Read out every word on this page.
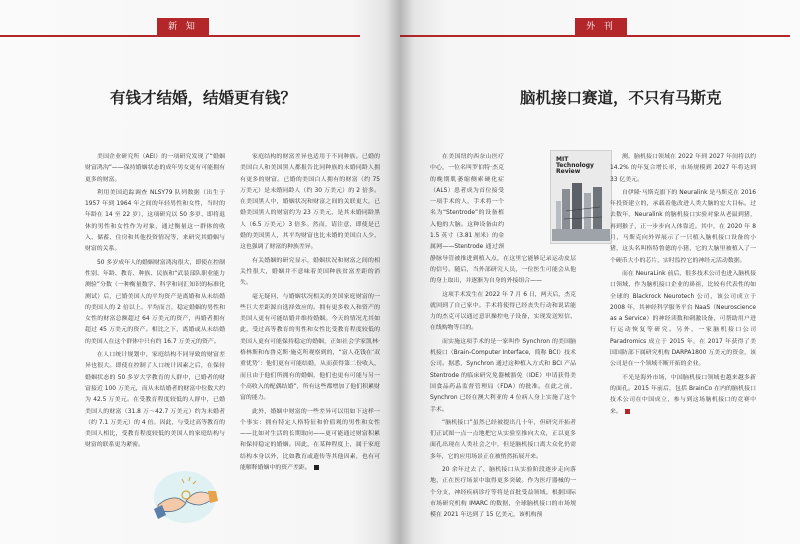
新 知
有钱才结婚，结婚更有钱？

美国企业研究所（AEI）的一项研究发现了“婚姻财富鸿沟”——保持婚姻状态的成年男女更有可能拥有更多的财富。

利用美国追踪调查 NLSY79 队列数据（出生于 1957 年到 1964 年之间的年轻男性和女性，当时的年龄在 14 至 22 岁），这项研究以 50 多岁、即将退休的男性和女性作为对象，通过衡量这一群体的收入、储蓄、住房和其他投资情况等，来研究其婚姻与财富的关系。

50 多岁成年人的婚姻财富鸿沟很大，即使在控制性别、年龄、教育、种族、民族和“武装部队职业能力测验”分数（一种衡量数学、科学和词汇知识的标准化测试）后，已婚美国人的平均资产是离婚和从未结婚的美国人的 2 倍以上。平均而言，稳定婚姻的男性和女性的财富总额超过 64 万美元的资产，再婚者拥有超过 45 万美元的资产。相比之下，离婚或从未结婚的美国人在这个群体中只有约 16.7 万美元的资产。

在人口统计规划中，家庭结构不同导致的财富差异也很大。即使在控制了人口统计因素之后，在保持婚姻状态的 50 多岁大学教育的人群中，已婚者的财富接近 100 万美元，而从未结婚者的财富中位数大约为 42.5 万美元。在受教育程度较低的人群中，已婚美国人的财富（31.8 万～42.7 万美元）约为未婚者（约 7.1 万美元）的 4 倍。因此，与受过高等教育的美国人相比，受教育程度较低的美国人的家庭结构与财富的联系更为紧密。

家庭结构的财富差异也适用于不同种族。已婚的美国白人和美国黑人都报告比同种族的未婚同龄人拥有更多的财富。已婚的美国白人拥有的财富（约 75 万美元）是未婚同龄人（约 30 万美元）的 2 倍多。在美国黑人中，婚姻状况和财富之间的关联更大，已婚美国黑人的财富约为 23 万美元，是其未婚同龄黑人（6.5 万美元）3 倍多。然而，请注意，即使是已婚的美国黑人，其平均财富也比未婚的美国白人少，这也强调了财富的种族差异。

有关婚姻的研究显示，婚姻状况和财富之间的相关性很大，婚姻并不意味着美国种族贫富差距的消失。

毫无疑问，与婚姻状况相关的美国家庭财富的一些巨大差距源自选择效应的。拥有更多收入和资产的美国人更有可能结婚并维持婚姻。今天的情况尤其如此，受过高等教育的男性和女性比受教育程度较低的美国人更有可能保持稳定的婚姻，正如社会学家凯林·格林斯和布鲁克斯·施克所观察到的，“富人花钱在‘双重优势’：他们更有可能结婚，从而获得第二份收入，而且由于他们所拥有的婚姻，他们也更有可能与另一个高收入的配偶结婚”，所有这些都增加了他们积累财富的能力。

此外，婚姻中财富的一些差异可以用如下这样一个事实：拥有特定人格特征和价值观的男性和女性——比如对生活的长期取向——更可能通过财富积累和保持稳定的婚姻。因此，在某种程度上，属于家庭结构本身以外，比如教育或遗传等其他因素，也有可能解释婚姻中的资产差距。

外 刊
脑机接口赛道，不只有马斯克
MIT Technology Review

在美国纽约西奈山医疗中心，一位名叫罗伯特·杰克的晚期肌萎缩侧索硬化症（ALS）患者成为首位接受一项手术的人，手术将一个名为“Stentrode”的设备植入他的大脑。这种设备由约 1.5 英寸（3.81 厘米）的金属网——Stentrode 通过颈静脉导管被推进到植入点，在这里它能够记录运动皮层的信号。随后，当外部研究人员，一位医生可能会从他的身上取出，并逐渐为自身的外接组合——

这项手术发生在 2022 年 7 月 6 日，两天后，杰克就回到了自己家中。手术将使得已经丧失行动和说话能力的杰克可以通过意识操控电子设备，实现发送短信、在线购物等目的。

而实施这项手术的是一家叫作 Synchron 的美国脑机接口（Brain-Computer Interface，简称 BCI）技术公司。据悉，Synchron 通过这种植入方式和 BCI 产品 Stentrode 的临床研究免器械豁免（IDE）申请获得美国食品药品监督管理局（FDA）的批准。在此之前，Synchron 已经在澳大利亚的 4 位病人身上实施了这个手术。

“脑机接口”虽然已经被提出几十年，但研究开拓者们正试图一点一点地把它从实验室推向大众，正以更多面孔出现在人类社会之中，但是脑机接口离大众化仍需多年，它的应用场景正在被悄然拓展开来。

20 余年过去了，脑机接口从实验阶段逐步走向落地，正在医疗场景中取得更多突破。作为医疗器械的一个分支，神经疾病诊疗等将是首批受益领域。根据国际市场研究机构 IMARC 的数据，全球脑机接口的市场规模在 2021 年达到了 15 亿美元，该机构预

测，脑机接口领域在 2022 年到 2027 年间将以约 14.2% 的年复合增长率，市场规模到 2027 年将达到 33 亿美元。

自伊隆·马斯克旗下的 Neuralink 是马斯克在 2016 年投资建立的，承载着他改进人类大脑的宏大目标。过去数年，Neuralink 的脑机接口实验对象从老鼠到猪，再到猴子，正一步步向人体靠近。其中，在 2020 年 8 月，马斯克向外界展示了一只植入脑机接口设备的小猪，这头名叫格特鲁德的小猪，它的大脑里被植入了一个硬币大小的芯片，实时监控它的神经元活动数据。

而在 NeuraLink 前后，很多技术公司也进入脑机接口领域，作为脑机接口企业的鼻祖，比较有代表性的如全球的 Blackrock Neurotech 公司，该公司成立于 2008 年，其神经科学服务平台 NaaS（Neuroscience as a Service）的神经读数和刺激设备，可帮助用户进行运动恢复等研究。另外，一家脑机接口公司 Paradromics 成立于 2015 年，在 2017 年获得了美国国防部下属研究机构 DARPA1800 万美元的资金，该公司是在一个领域不断开拓的企业。

不光是海外市场，中国脑机接口领域也越来越多新的面孔。2015 年前后，包括 BrainCo 在内的脑机接口技术公司在中国成立，参与到这场脑机接口的竞赛中来。
